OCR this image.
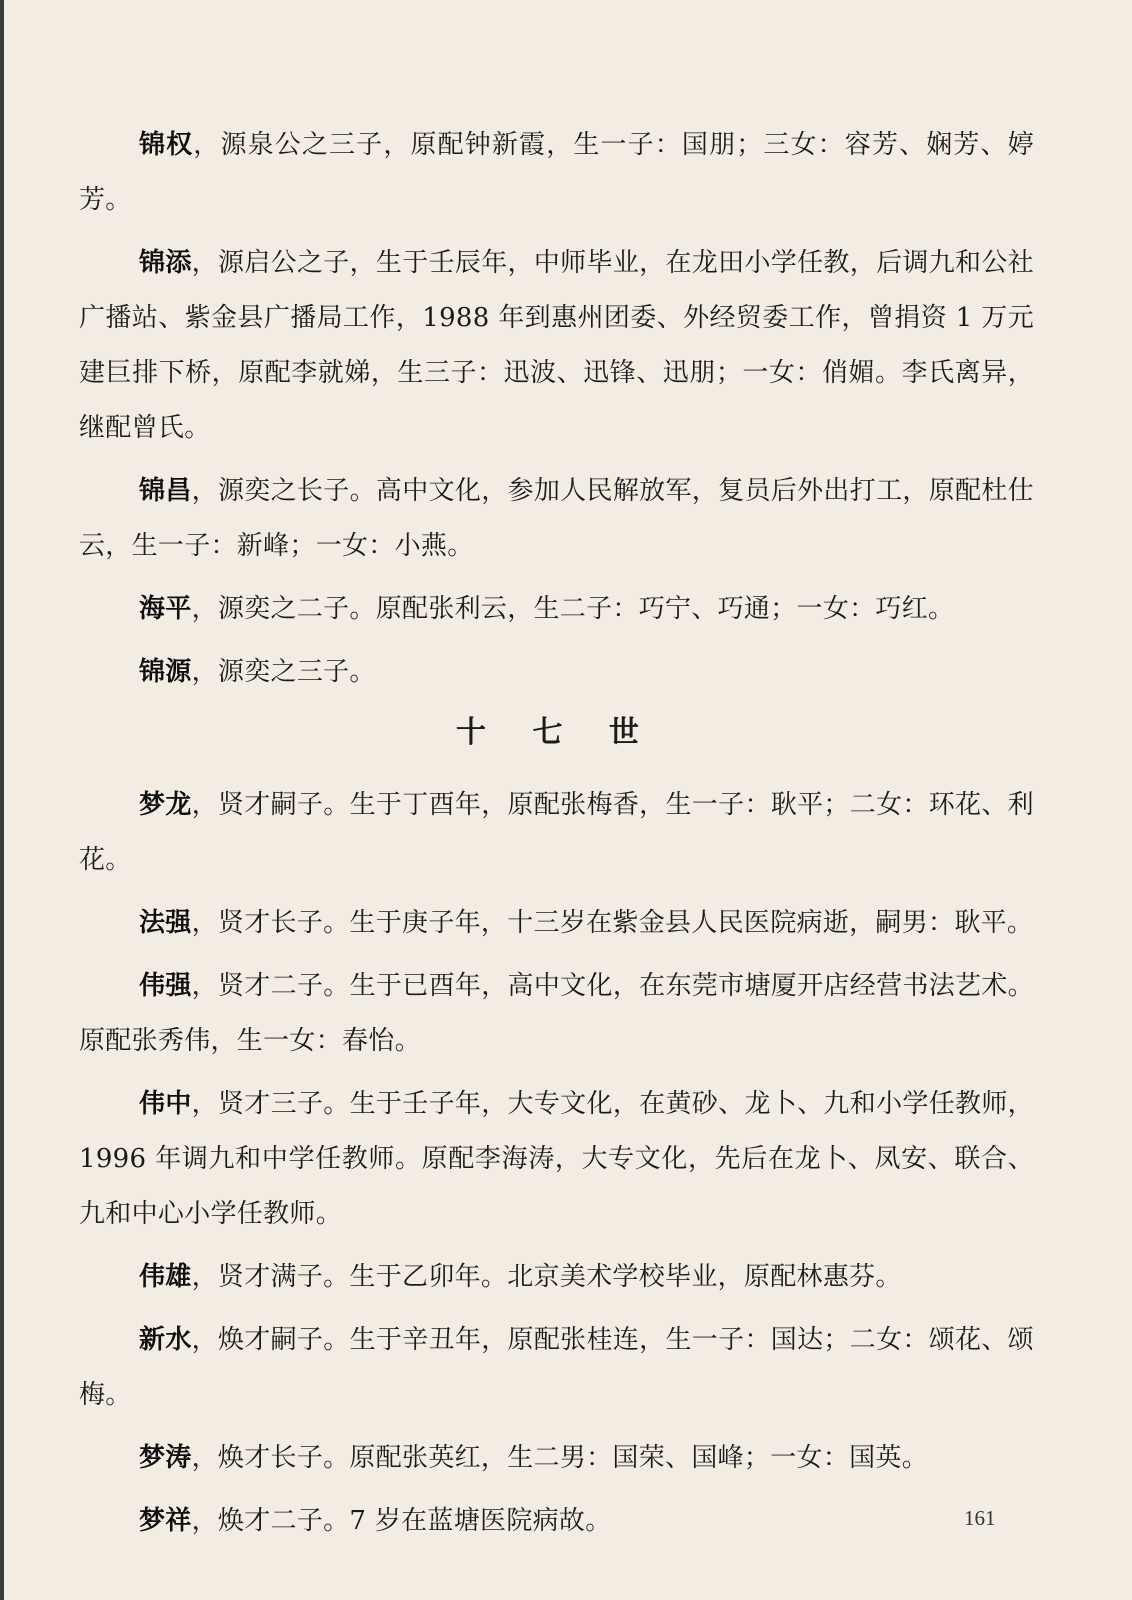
锦权，源泉公之三子，原配钟新霞，生一子：国朋；三女：容芳、娴芳、婷芳。

锦添，源启公之子，生于壬辰年，中师毕业，在龙田小学任教，后调九和公社广播站、紫金县广播局工作，1988 年到惠州团委、外经贸委工作，曾捐资 1 万元建巨排下桥，原配李就娣，生三子：迅波、迅锋、迅朋；一女：俏媚。李氏离异，继配曾氏。

锦昌，源奕之长子。高中文化，参加人民解放军，复员后外出打工，原配杜仕云，生一子：新峰；一女：小燕。

海平，源奕之二子。原配张利云，生二子：巧宁、巧通；一女：巧红。

锦源，源奕之三子。

十 七 世

梦龙，贤才嗣子。生于丁酉年，原配张梅香，生一子：耿平；二女：环花、利花。

法强，贤才长子。生于庚子年，十三岁在紫金县人民医院病逝，嗣男：耿平。

伟强，贤才二子。生于已酉年，高中文化，在东莞市塘厦开店经营书法艺术。原配张秀伟，生一女：春怡。

伟中，贤才三子。生于壬子年，大专文化，在黄砂、龙卜、九和小学任教师，1996 年调九和中学任教师。原配李海涛，大专文化，先后在龙卜、凤安、联合、九和中心小学任教师。

伟雄，贤才满子。生于乙卯年。北京美术学校毕业，原配林惠芬。

新水，焕才嗣子。生于辛丑年，原配张桂连，生一子：国达；二女：颂花、颂梅。

梦涛，焕才长子。原配张英红，生二男：国荣、国峰；一女：国英。

梦祥，焕才二子。7 岁在蓝塘医院病故。	161
